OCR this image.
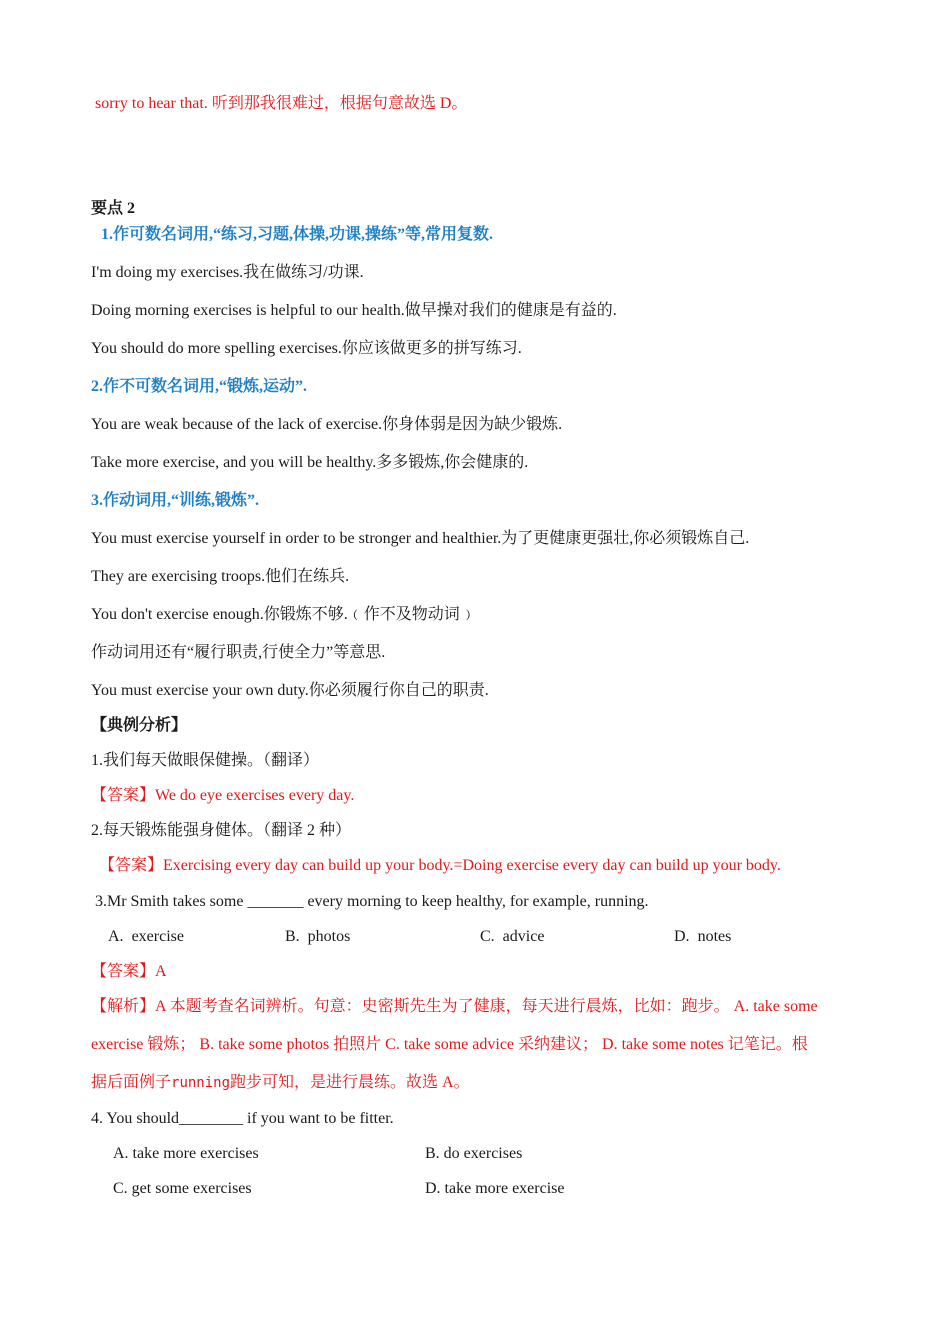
sorry to hear that. 听到那我很难过，根据句意故选 D。
要点 2
1.作可数名词用,“练习,习题,体操,功课,操练”等,常用复数.
I'm doing my exercises.我在做练习/功课.
Doing morning exercises is helpful to our health.做早操对我们的健康是有益的.
You should do more spelling exercises.你应该做更多的拼写练习.
2.作不可数名词用,“锻炼,运动”.
You are weak because of the lack of exercise.你身体弱是因为缺少锻炼.
Take more exercise, and you will be healthy.多多锻炼,你会健康的.
3.作动词用,“训练,锻炼”.
You must exercise yourself in order to be stronger and healthier.为了更健康更强壮,你必须锻炼自己.
They are exercising troops.他们在练兵.
You don't exercise enough.你锻炼不够.﹙作不及物动词﹚
作动词用还有“履行职责,行使全力”等意思.
You must exercise your own duty.你必须履行你自己的职责.
【典例分析】
1.我们每天做眼保健操。（翻译）
【答案】We do eye exercises every day.
2.每天锻炼能强身健体。（翻译 2 种）
【答案】Exercising every day can build up your body.=Doing exercise every day can build up your body.
3.Mr Smith takes some _______ every morning to keep healthy, for example, running.
A. exercise	B. photos	C. advice	D. notes
【答案】A
【解析】A 本题考查名词辨析。句意：史密斯先生为了健康，每天进行晨炼，比如：跑步。 A. take some
exercise 锻炼； B. take some photos 拍照片 C. take some advice 采纳建议； D. take some notes 记笔记。根
据后面例子running跑步可知，是进行晨练。故选 A。
4. You should________ if you want to be fitter.
A. take more exercises	B. do exercises
C. get some exercises	D. take more exercise
